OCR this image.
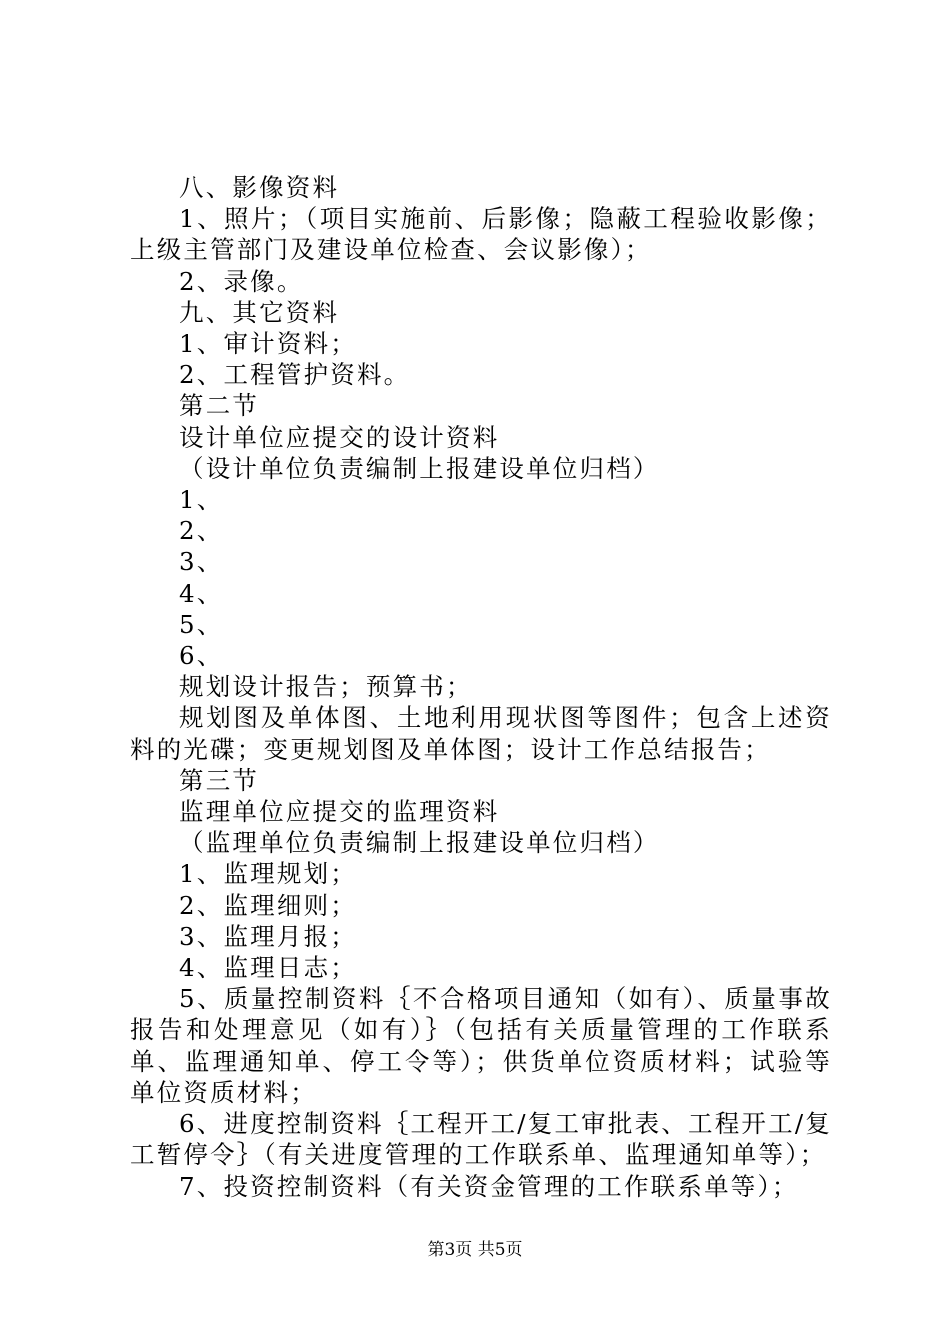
八、影像资料

1、照片；（项目实施前、后影像；隐蔽工程验收影像；上级主管部门及建设单位检查、会议影像）；

2、录像。

九、其它资料

1、审计资料；

2、工程管护资料。

第二节

设计单位应提交的设计资料

（设计单位负责编制上报建设单位归档）

1、

2、

3、

4、

5、

6、

规划设计报告；预算书；

规划图及单体图、土地利用现状图等图件；包含上述资料的光碟；变更规划图及单体图；设计工作总结报告；

第三节

监理单位应提交的监理资料

（监理单位负责编制上报建设单位归档）

1、监理规划；

2、监理细则；

3、监理月报；

4、监理日志；

5、质量控制资料｛不合格项目通知（如有）、质量事故报告和处理意见（如有）｝（包括有关质量管理的工作联系单、监理通知单、停工令等）；供货单位资质材料；试验等单位资质材料；

6、进度控制资料｛工程开工/复工审批表、工程开工/复工暂停令｝（有关进度管理的工作联系单、监理通知单等）；

7、投资控制资料（有关资金管理的工作联系单等）；

第3页 共5页
